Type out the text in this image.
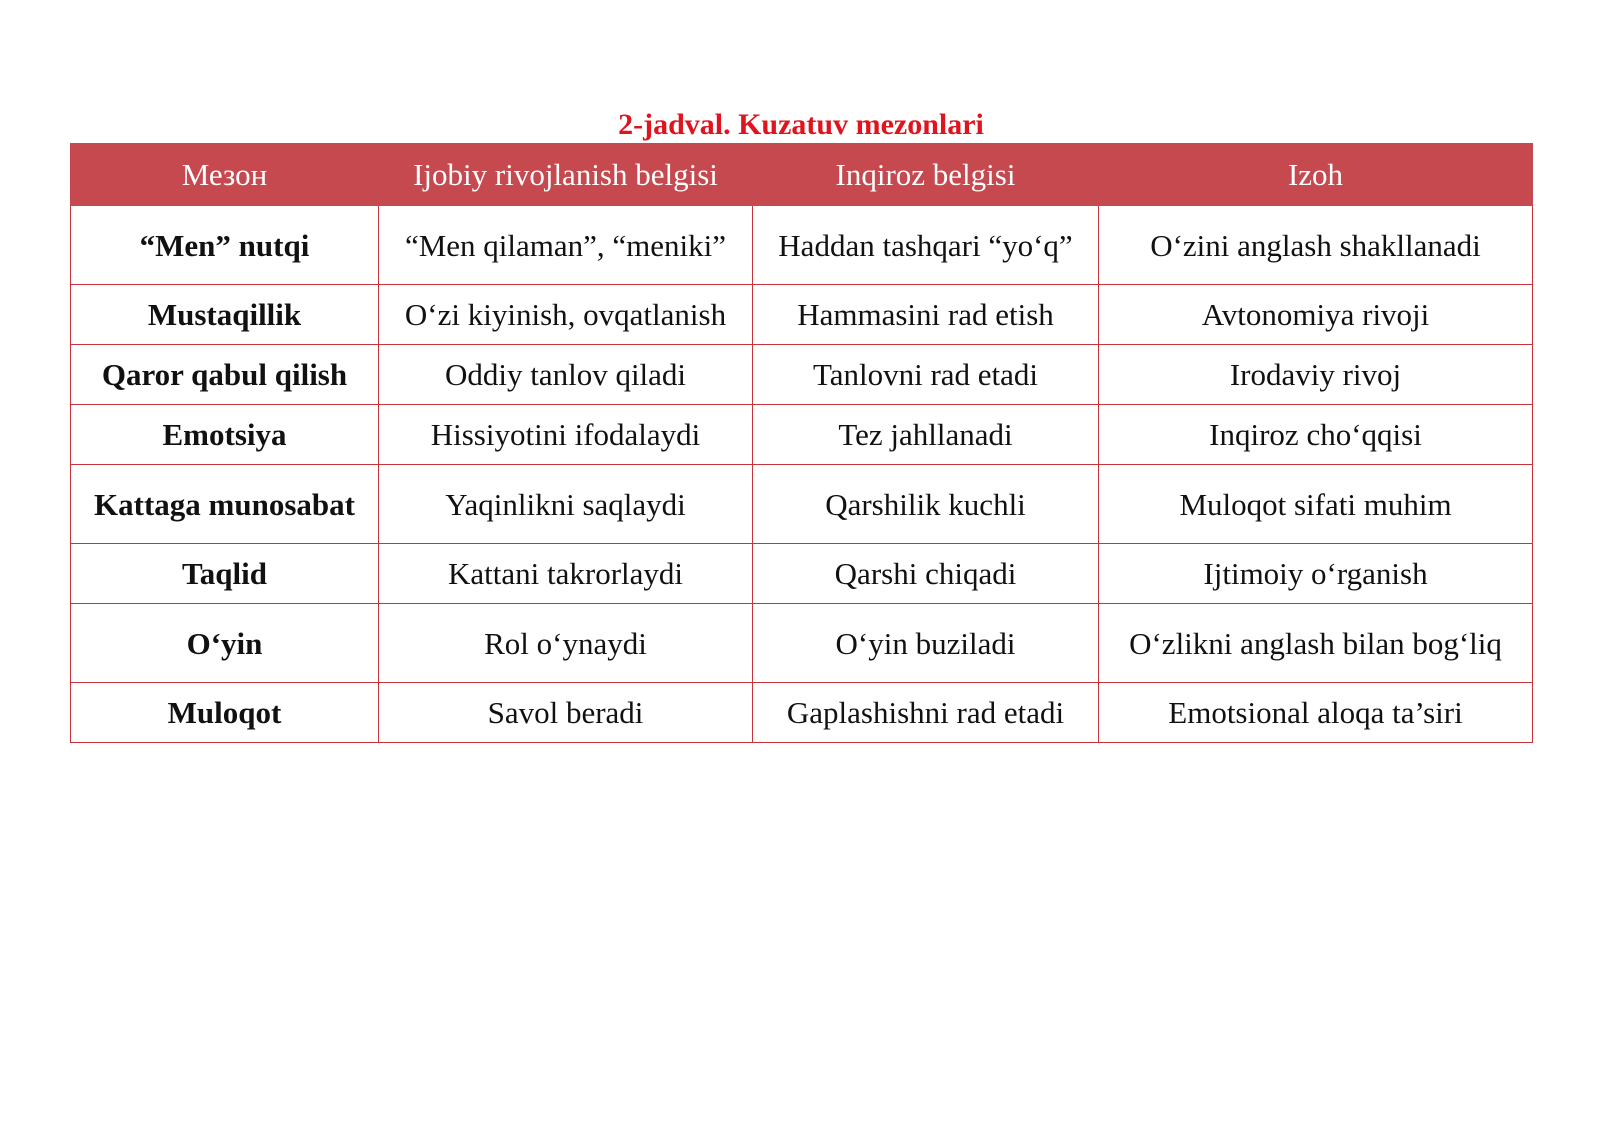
2-jadval. Kuzatuv mezonlari
Мезон	Ijobiy rivojlanish belgisi	Inqiroz belgisi	Izoh
“Men” nutqi	“Men qilaman”, “meniki”	Haddan tashqari “yo‘q”	O‘zini anglash shakllanadi
Mustaqillik	O‘zi kiyinish, ovqatlanish	Hammasini rad etish	Avtonomiya rivoji
Qaror qabul qilish	Oddiy tanlov qiladi	Tanlovni rad etadi	Irodaviy rivoj
Emotsiya	Hissiyotini ifodalaydi	Tez jahllanadi	Inqiroz cho‘qqisi
Kattaga munosabat	Yaqinlikni saqlaydi	Qarshilik kuchli	Muloqot sifati muhim
Taqlid	Kattani takrorlaydi	Qarshi chiqadi	Ijtimoiy o‘rganish
O‘yin	Rol o‘ynaydi	O‘yin buziladi	O‘zlikni anglash bilan bog‘liq
Muloqot	Savol beradi	Gaplashishni rad etadi	Emotsional aloqa ta’siri
